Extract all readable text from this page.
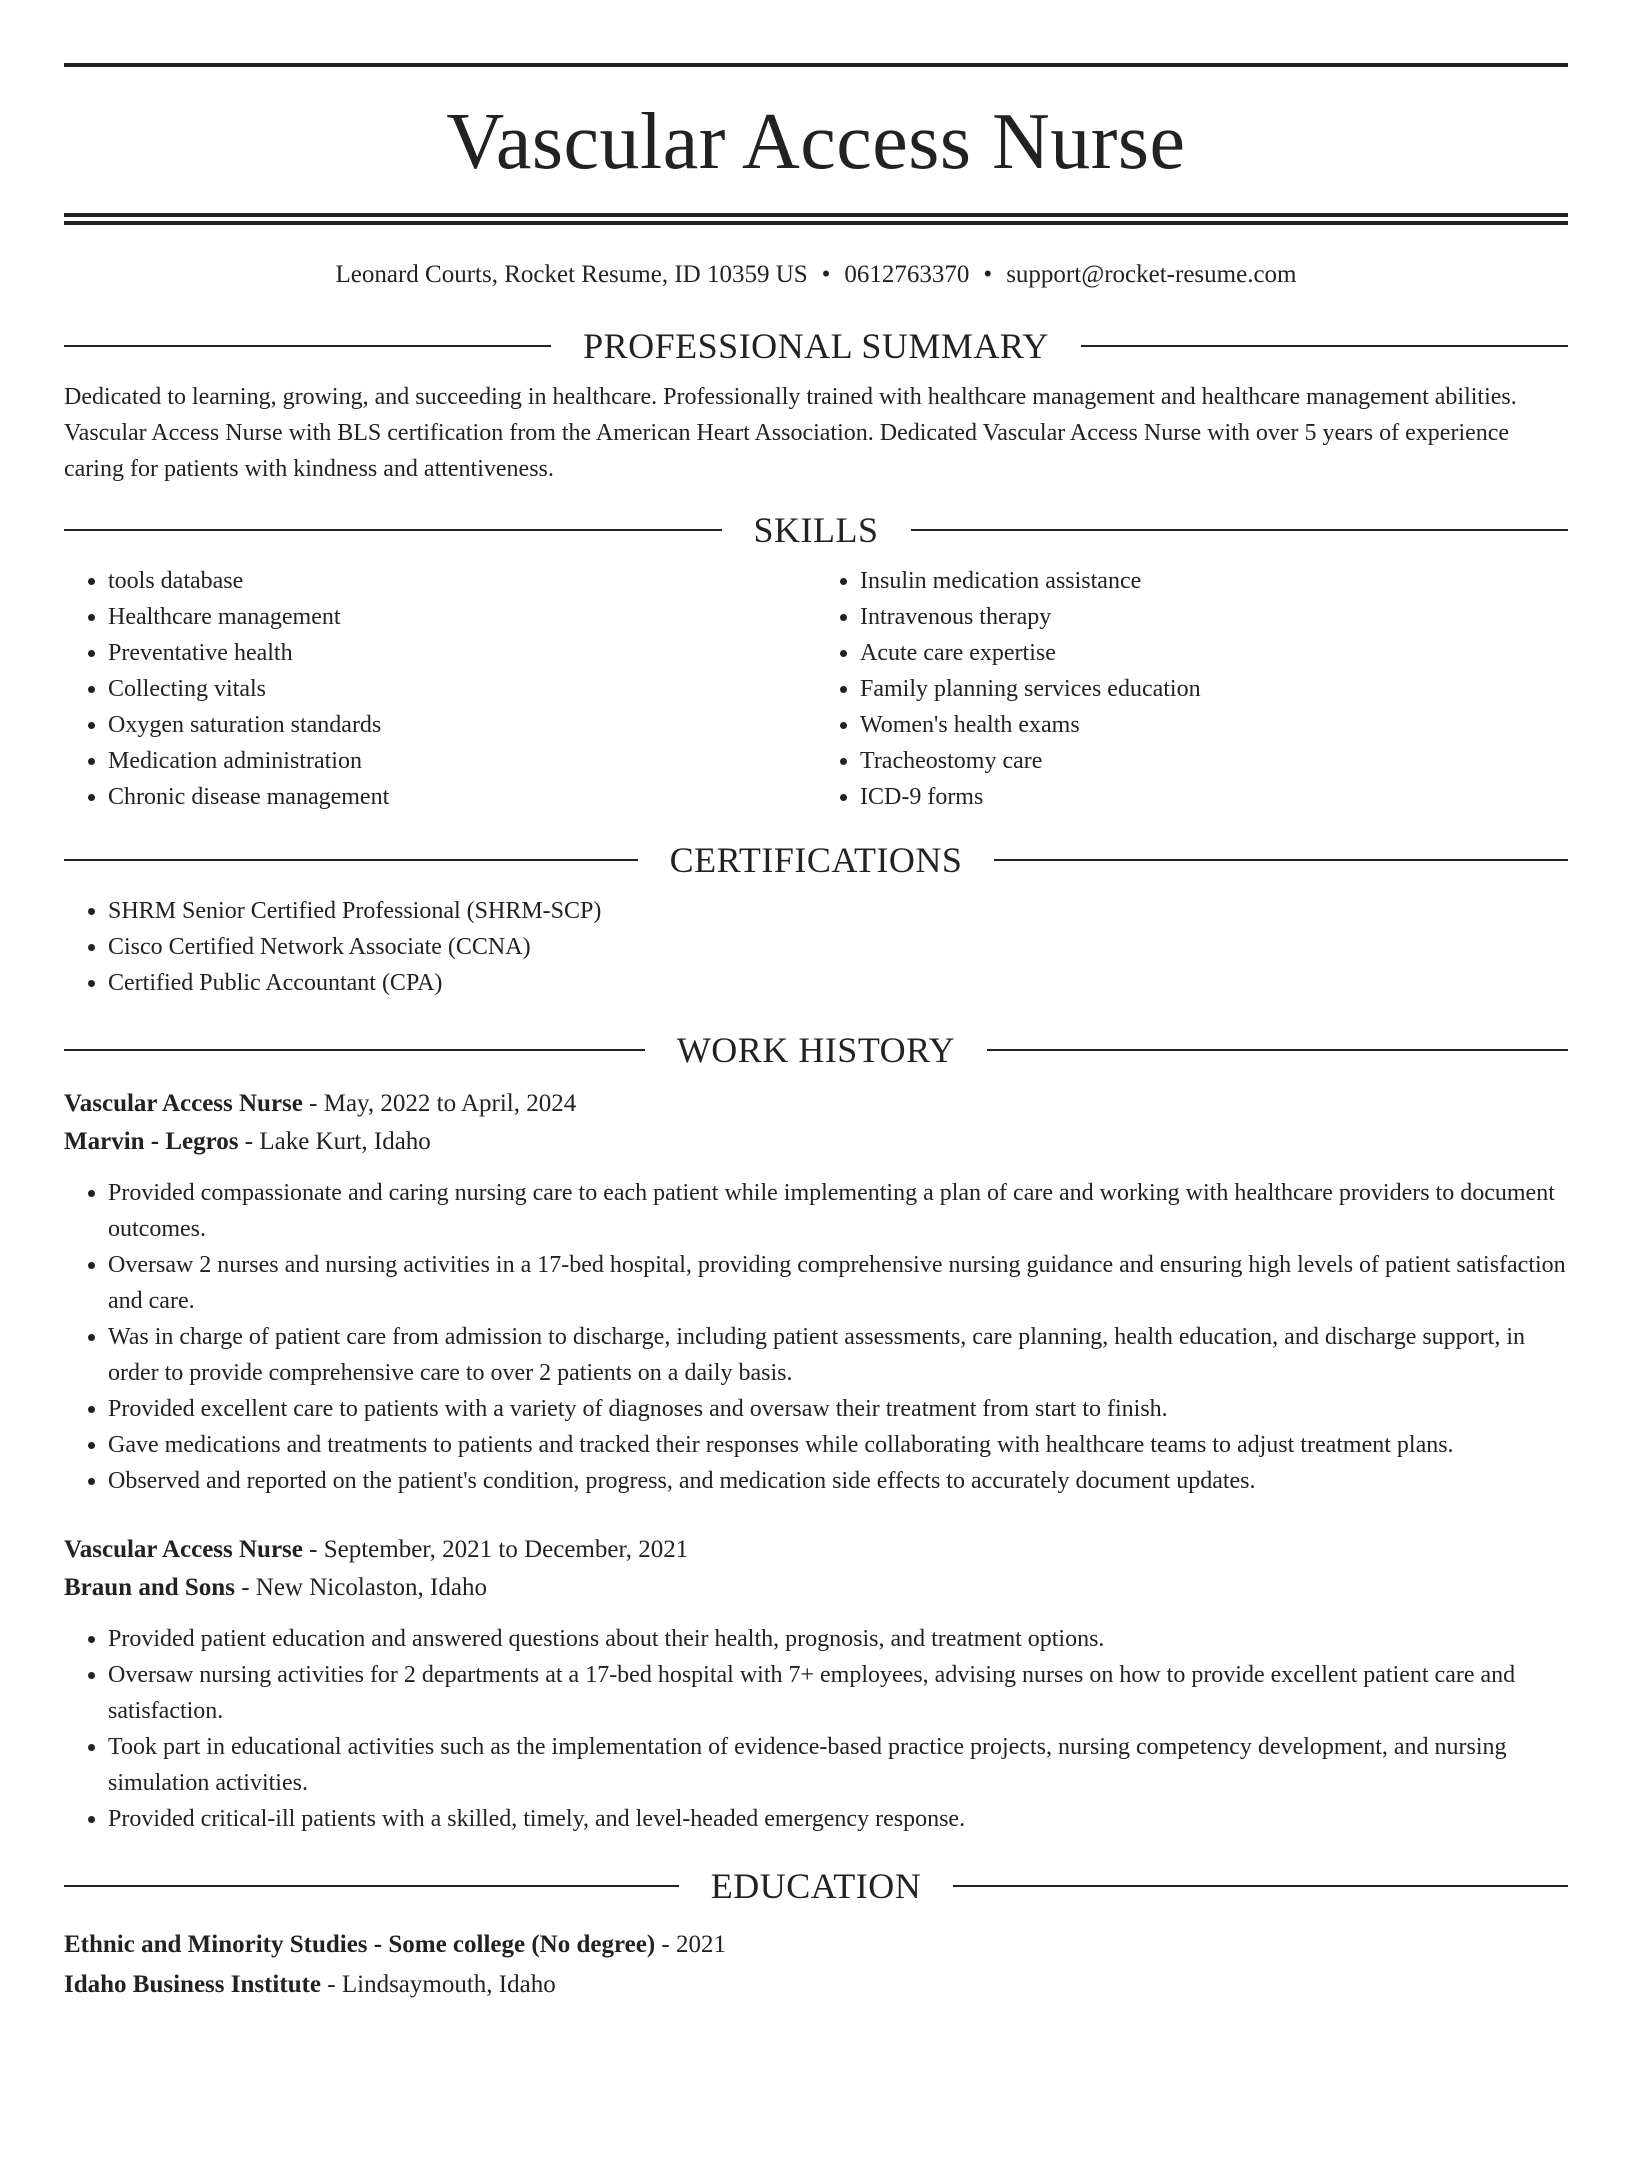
Vascular Access Nurse
Leonard Courts, Rocket Resume, ID 10359 US • 0612763370 • support@rocket-resume.com
PROFESSIONAL SUMMARY
Dedicated to learning, growing, and succeeding in healthcare. Professionally trained with healthcare management and healthcare management abilities. Vascular Access Nurse with BLS certification from the American Heart Association. Dedicated Vascular Access Nurse with over 5 years of experience caring for patients with kindness and attentiveness.
SKILLS
• tools database
• Healthcare management
• Preventative health
• Collecting vitals
• Oxygen saturation standards
• Medication administration
• Chronic disease management
• Insulin medication assistance
• Intravenous therapy
• Acute care expertise
• Family planning services education
• Women's health exams
• Tracheostomy care
• ICD-9 forms
CERTIFICATIONS
• SHRM Senior Certified Professional (SHRM-SCP)
• Cisco Certified Network Associate (CCNA)
• Certified Public Accountant (CPA)
WORK HISTORY
Vascular Access Nurse - May, 2022 to April, 2024
Marvin - Legros - Lake Kurt, Idaho
• Provided compassionate and caring nursing care to each patient while implementing a plan of care and working with healthcare providers to document outcomes.
• Oversaw 2 nurses and nursing activities in a 17-bed hospital, providing comprehensive nursing guidance and ensuring high levels of patient satisfaction and care.
• Was in charge of patient care from admission to discharge, including patient assessments, care planning, health education, and discharge support, in order to provide comprehensive care to over 2 patients on a daily basis.
• Provided excellent care to patients with a variety of diagnoses and oversaw their treatment from start to finish.
• Gave medications and treatments to patients and tracked their responses while collaborating with healthcare teams to adjust treatment plans.
• Observed and reported on the patient's condition, progress, and medication side effects to accurately document updates.
Vascular Access Nurse - September, 2021 to December, 2021
Braun and Sons - New Nicolaston, Idaho
• Provided patient education and answered questions about their health, prognosis, and treatment options.
• Oversaw nursing activities for 2 departments at a 17-bed hospital with 7+ employees, advising nurses on how to provide excellent patient care and satisfaction.
• Took part in educational activities such as the implementation of evidence-based practice projects, nursing competency development, and nursing simulation activities.
• Provided critical-ill patients with a skilled, timely, and level-headed emergency response.
EDUCATION
Ethnic and Minority Studies - Some college (No degree) - 2021
Idaho Business Institute - Lindsaymouth, Idaho
